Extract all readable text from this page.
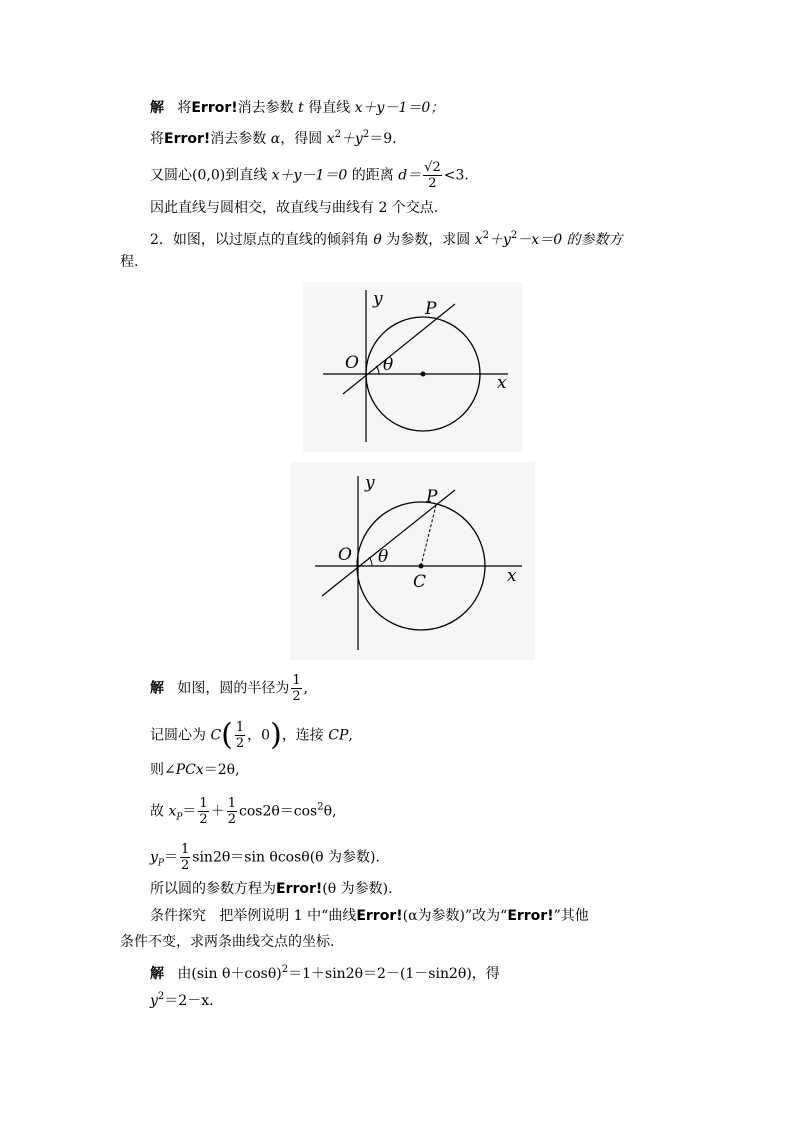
解 将Error!消去参数 t 得直线 x＋y－1＝0；
将Error!消去参数 α，得圆 $x^2+y^2=9$.
又圆心(0,0)到直线 x＋y－1＝0 的距离 $d= \frac{√2}{2} <3$.
因此直线与圆相交，故直线与曲线有 2 个交点.
2．如图，以过原点的直线的倾斜角 θ 为参数，求圆 $x^2+y^2-x=0$ 的参数方
程.
y
O θ
P
x
y
O θ
P
C	x
解 如图，圆的半径为 $\frac{1}{2}$ ,
记圆心为 $C( \frac{1}{2}$ ，0)，连接 CP,
则∠PCx＝2θ,
故 $x_P= \frac{1}{2} + \frac{1}{2} \cos 2\theta=\cos^2\theta$,
$y_P= \frac{1}{2} \sin 2\theta=\sin$ θcosθ(θ 为参数).
所以圆的参数方程为Error!(θ 为参数).
条件探究 把举例说明 1 中“曲线Error!(α为参数)”改为“Error!”其他
条件不变，求两条曲线交点的坐标.
解 由(sin θ＋cosθ)$^2$＝1＋sin2θ＝2－(1－sin2θ)，得
$y^2=2-x$.
